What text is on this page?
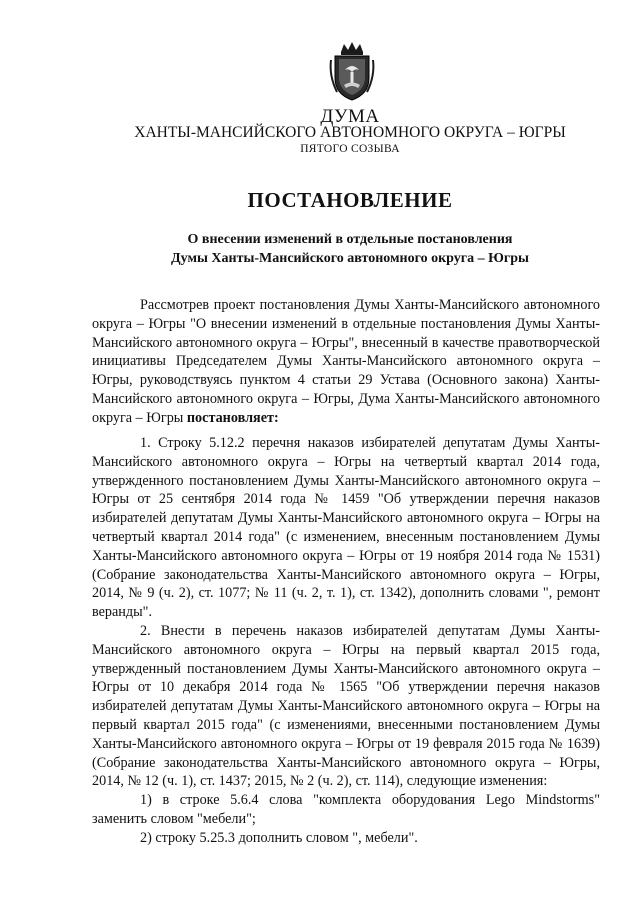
ДУМА
ХАНТЫ-МАНСИЙСКОГО АВТОНОМНОГО ОКРУГА – ЮГРЫ
ПЯТОГО СОЗЫВА
ПОСТАНОВЛЕНИЕ
О внесении изменений в отдельные постановления
Думы Ханты-Мансийского автономного округа – Югры

Рассмотрев проект постановления Думы Ханты-Мансийского автономного округа – Югры "О внесении изменений в отдельные постановления Думы Ханты-Мансийского автономного округа – Югры", внесенный в качестве правотворческой инициативы Председателем Думы Ханты-Мансийского автономного округа – Югры, руководствуясь пунктом 4 статьи 29 Устава (Основного закона) Ханты-Мансийского автономного округа – Югры, Дума Ханты-Мансийского автономного округа – Югры постановляет:

1. Строку 5.12.2 перечня наказов избирателей депутатам Думы Ханты-Мансийского автономного округа – Югры на четвертый квартал 2014 года, утвержденного постановлением Думы Ханты-Мансийского автономного округа – Югры от 25 сентября 2014 года № 1459 "Об утверждении перечня наказов избирателей депутатам Думы Ханты-Мансийского автономного округа – Югры на четвертый квартал 2014 года" (с изменением, внесенным постановлением Думы Ханты-Мансийского автономного округа – Югры от 19 ноября 2014 года № 1531) (Собрание законодательства Ханты-Мансийского автономного округа – Югры, 2014, № 9 (ч. 2), ст. 1077; № 11 (ч. 2, т. 1), ст. 1342), дополнить словами ", ремонт веранды".

2. Внести в перечень наказов избирателей депутатам Думы Ханты-Мансийского автономного округа – Югры на первый квартал 2015 года, утвержденный постановлением Думы Ханты-Мансийского автономного округа – Югры от 10 декабря 2014 года № 1565 "Об утверждении перечня наказов избирателей депутатам Думы Ханты-Мансийского автономного округа – Югры на первый квартал 2015 года" (с изменениями, внесенными постановлением Думы Ханты-Мансийского автономного округа – Югры от 19 февраля 2015 года № 1639) (Собрание законодательства Ханты-Мансийского автономного округа – Югры, 2014, № 12 (ч. 1), ст. 1437; 2015, № 2 (ч. 2), ст. 114), следующие изменения:

1) в строке 5.6.4 слова "комплекта оборудования Lego Mindstorms" заменить словом "мебели";

2) строку 5.25.3 дополнить словом ", мебели".
